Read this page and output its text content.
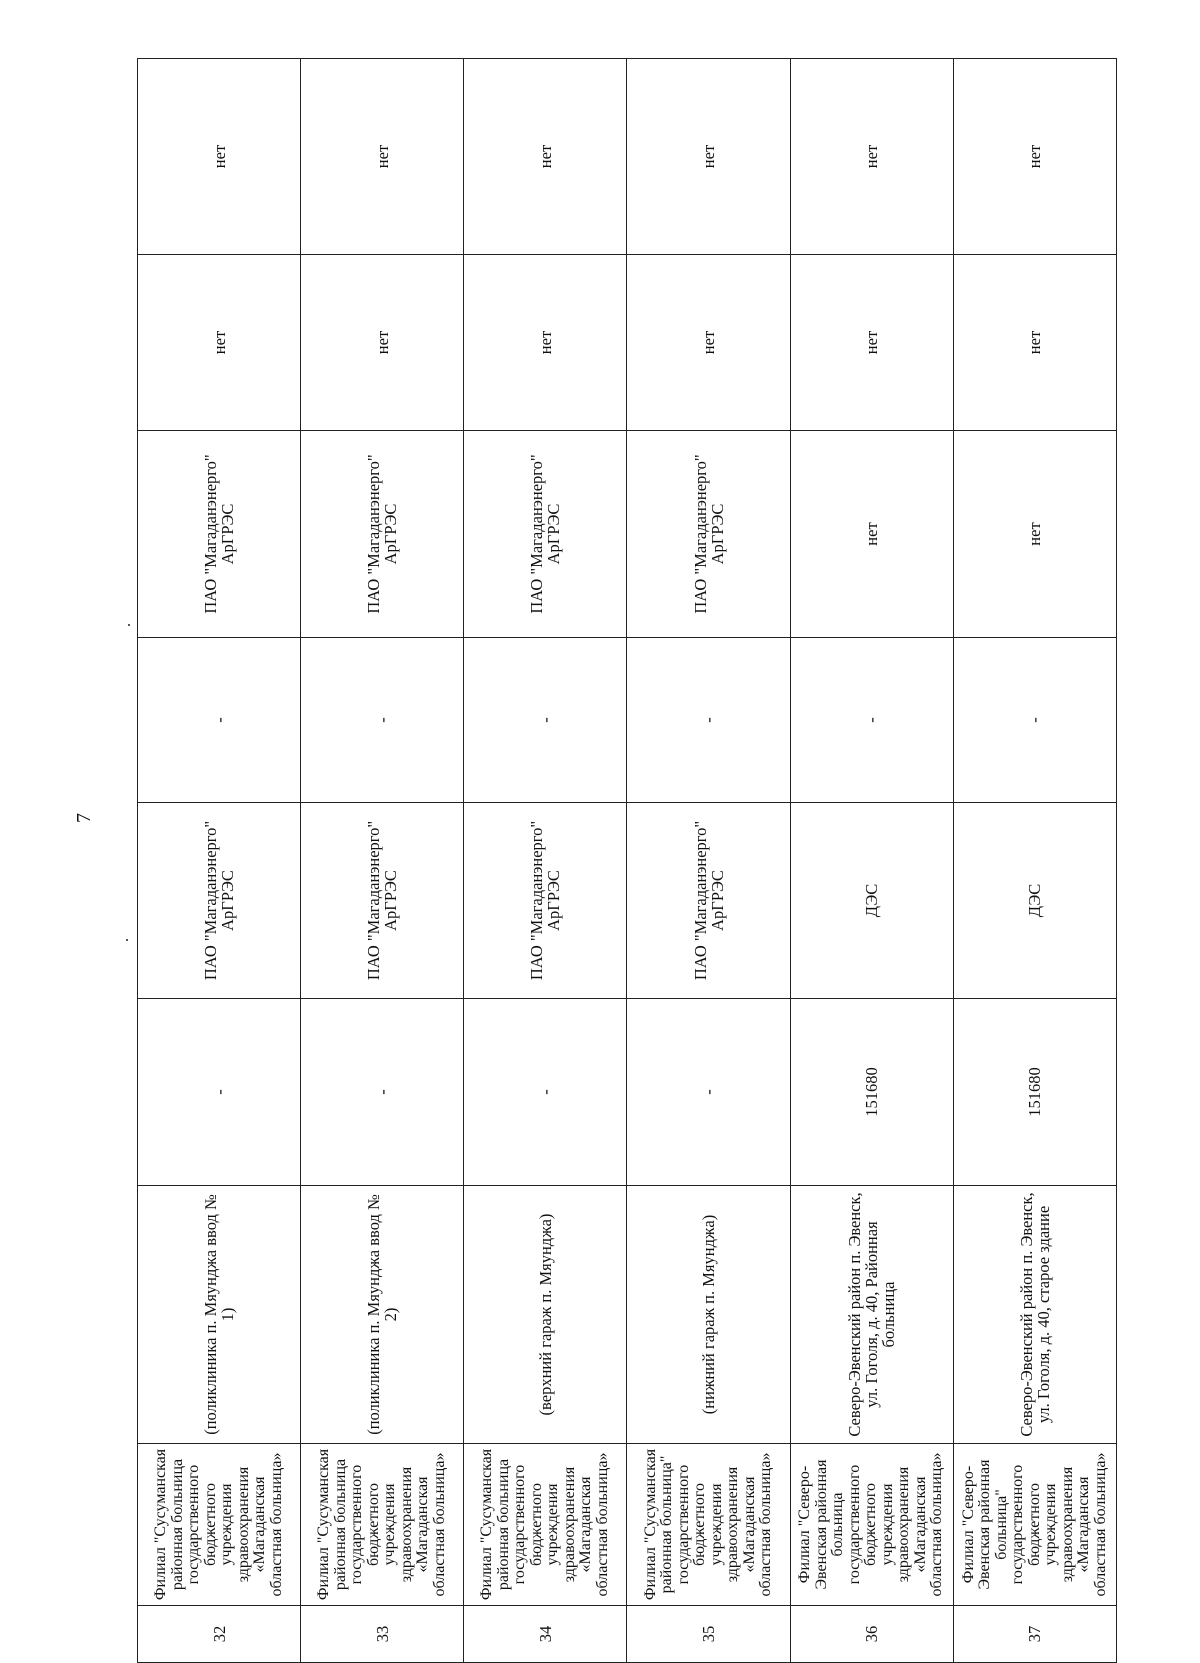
7
32	Филиал "Сусуманская районная больница государственного бюджетного учреждения здравоохранения «Магаданская областная больница»	(поликлиника п. Мяунджа ввод № 1)	-	ПАО "Магаданэнерго" АрГРЭС	-	ПАО "Магаданэнерго" АрГРЭС	нет	нет
33	Филиал "Сусуманская районная больница государственного бюджетного учреждения здравоохранения «Магаданская областная больница»	(поликлиника п. Мяунджа ввод № 2)	-	ПАО "Магаданэнерго" АрГРЭС	-	ПАО "Магаданэнерго" АрГРЭС	нет	нет
34	Филиал "Сусуманская районная больница государственного бюджетного учреждения здравоохранения «Магаданская областная больница»	(верхний гараж п. Мяунджа)	-	ПАО "Магаданэнерго" АрГРЭС	-	ПАО "Магаданэнерго" АрГРЭС	нет	нет
35	Филиал "Сусуманская районная больница" государственного бюджетного учреждения здравоохранения «Магаданская областная больница»	(нижний гараж п. Мяунджа)	-	ПАО "Магаданэнерго" АрГРЭС	-	ПАО "Магаданэнерго" АрГРЭС	нет	нет
36	Филиал "Северо-Эвенская районная больница государственного бюджетного учреждения здравоохранения «Магаданская областная больница»	Северо-Эвенский район п. Эвенск, ул. Гоголя, д. 40, Районная больница	151680	ДЭС	-	нет	нет	нет
37	Филиал "Северо-Эвенская районная больница" государственного бюджетного учреждения здравоохранения «Магаданская областная больница»	Северо-Эвенский район п. Эвенск, ул. Гоголя, д. 40, старое здание	151680	ДЭС	-	нет	нет	нет
